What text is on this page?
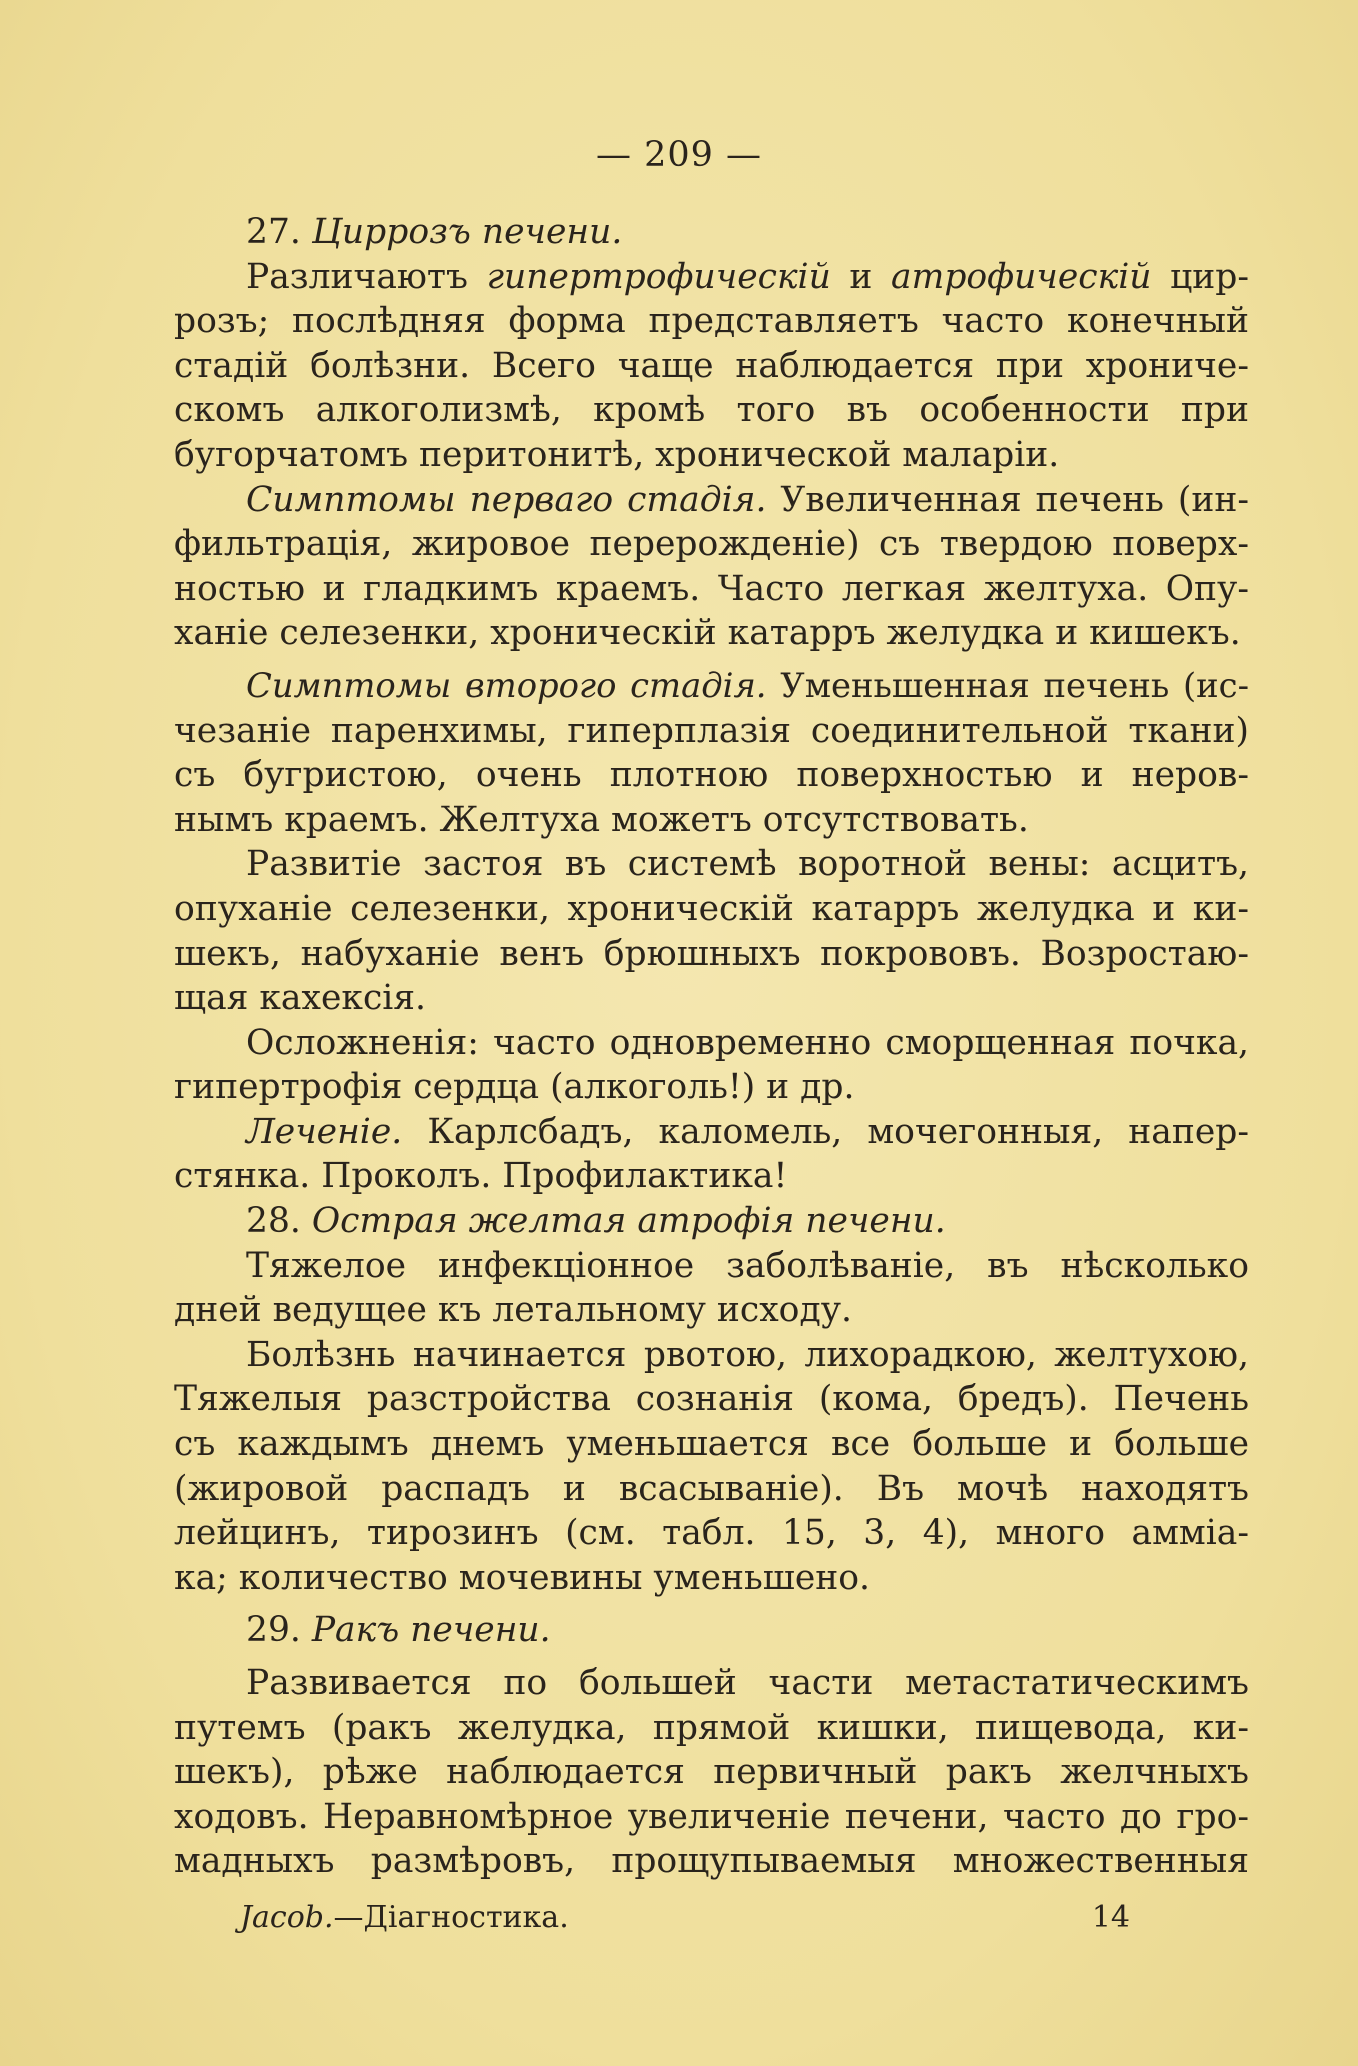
— 209 —
27. Циррозъ печени.
Различаютъ гипертрофическій и атрофическій цир-
розъ; послѣдняя форма представляетъ часто конечный
стадій болѣзни. Всего чаще наблюдается при хрониче-
скомъ алкоголизмѣ, кромѣ того въ особенности при
бугорчатомъ перитонитѣ, хронической маларіи.
Симптомы перваго стадія. Увеличенная печень (ин-
фильтрація, жировое перерожденіе) съ твердою поверх-
ностью и гладкимъ краемъ. Часто легкая желтуха. Опу-
ханіе селезенки, хроническій катарръ желудка и кишекъ.
Симптомы второго стадія. Уменьшенная печень (ис-
чезаніе паренхимы, гиперплазія соединительной ткани)
съ бугристою, очень плотною поверхностью и неров-
нымъ краемъ. Желтуха можетъ отсутствовать.
Развитіе застоя въ системѣ воротной вены: асцитъ,
опуханіе селезенки, хроническій катарръ желудка и ки-
шекъ, набуханіе венъ брюшныхъ покрововъ. Возростаю-
щая кахексія.
Осложненія: часто одновременно сморщенная почка,
гипертрофія сердца (алкоголь!) и др.
Леченіе. Карлсбадъ, каломель, мочегонныя, напер-
стянка. Проколъ. Профилактика!
28. Острая желтая атрофія печени.
Тяжелое инфекціонное заболѣваніе, въ нѣсколько
дней ведущее къ летальному исходу.
Болѣзнь начинается рвотою, лихорадкою, желтухою,
Тяжелыя разстройства сознанія (кома, бредъ). Печень
съ каждымъ днемъ уменьшается все больше и больше
(жировой распадъ и всасываніе). Въ мочѣ находятъ
лейцинъ, тирозинъ (см. табл. 15, 3, 4), много амміа-
ка; количество мочевины уменьшено.
29. Ракъ печени.
Развивается по большей части метастатическимъ
путемъ (ракъ желудка, прямой кишки, пищевода, ки-
шекъ), рѣже наблюдается первичный ракъ желчныхъ
ходовъ. Неравномѣрное увеличеніе печени, часто до гро-
мадныхъ размѣровъ, прощупываемыя множественныя
Jacob.—Діагностика.	14
